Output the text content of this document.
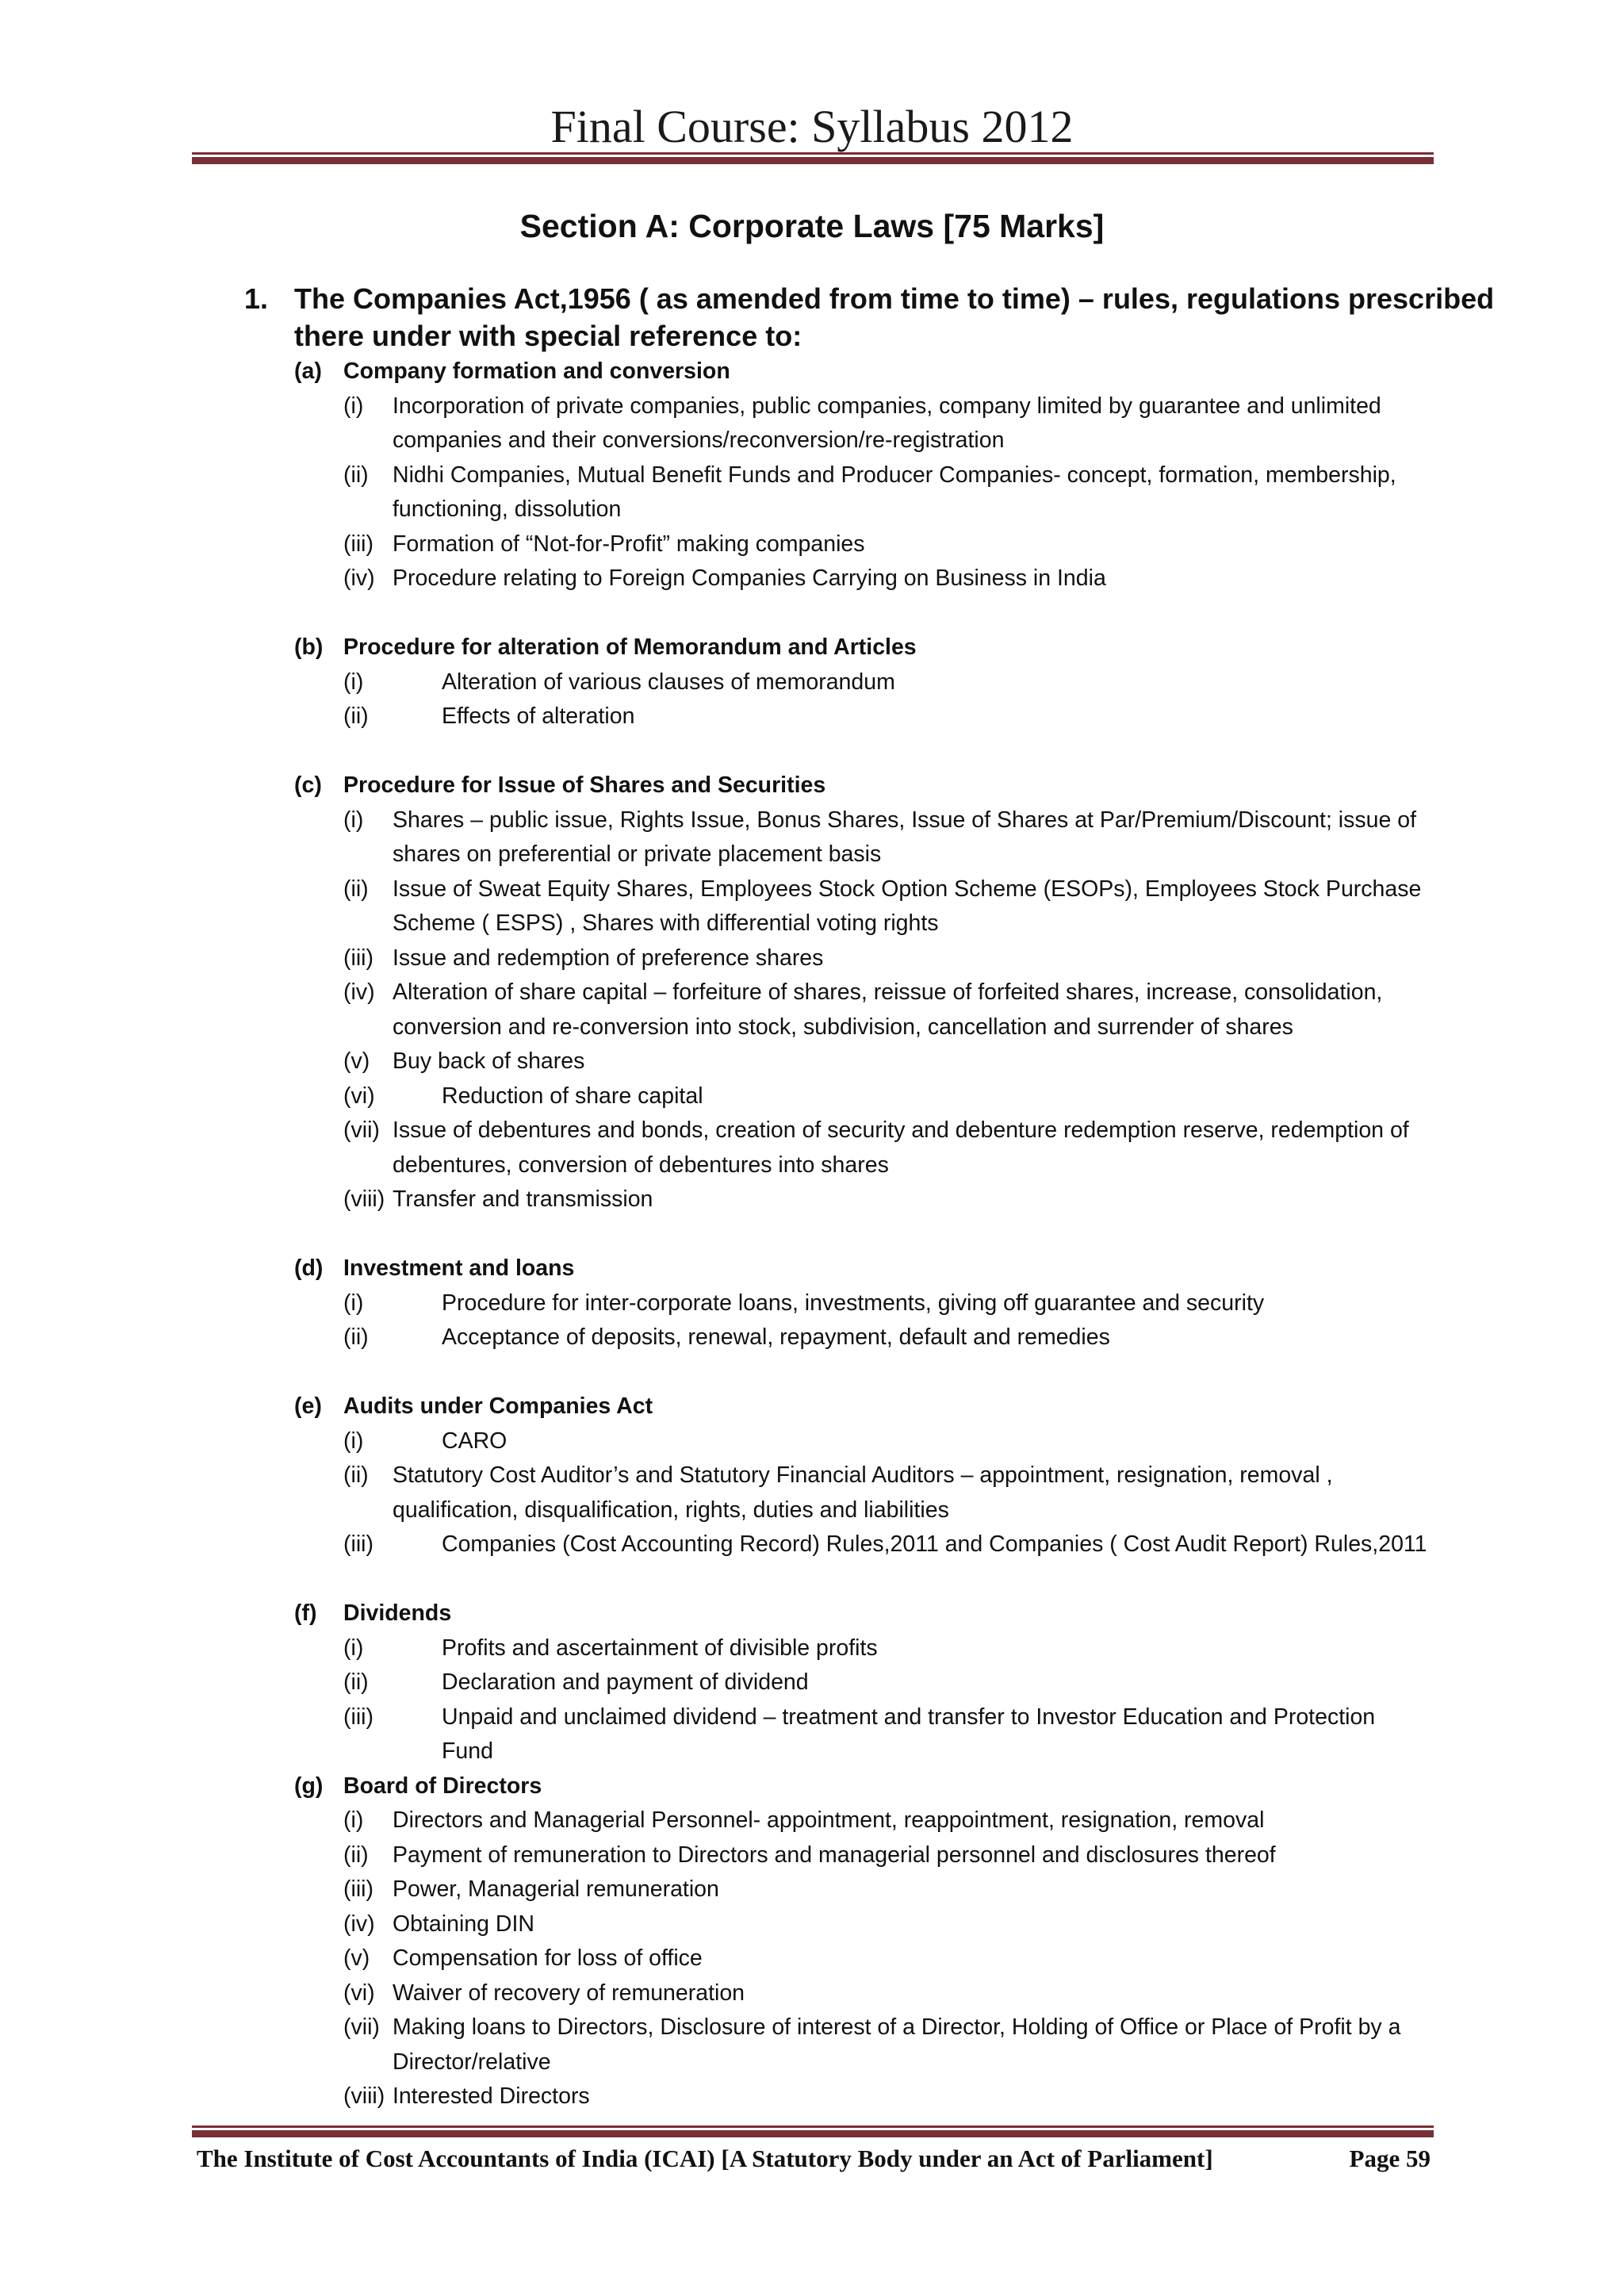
Final Course: Syllabus 2012
Section A: Corporate Laws [75 Marks]
1. The Companies Act,1956 ( as amended from time to time) – rules, regulations prescribed
there under with special reference to:
(a) Company formation and conversion
(i) Incorporation of private companies, public companies, company limited by guarantee and unlimited
companies and their conversions/reconversion/re-registration
(ii) Nidhi Companies, Mutual Benefit Funds and Producer Companies- concept, formation, membership,
functioning, dissolution
(iii) Formation of “Not-for-Profit” making companies
(iv) Procedure relating to Foreign Companies Carrying on Business in India
(b) Procedure for alteration of Memorandum and Articles
(i)	Alteration of various clauses of memorandum
(ii)	Effects of alteration
(c) Procedure for Issue of Shares and Securities
(i) Shares – public issue, Rights Issue, Bonus Shares, Issue of Shares at Par/Premium/Discount; issue of
shares on preferential or private placement basis
(ii) Issue of Sweat Equity Shares, Employees Stock Option Scheme (ESOPs), Employees Stock Purchase
Scheme ( ESPS) , Shares with differential voting rights
(iii) Issue and redemption of preference shares
(iv) Alteration of share capital – forfeiture of shares, reissue of forfeited shares, increase, consolidation,
conversion and re-conversion into stock, subdivision, cancellation and surrender of shares
(v) Buy back of shares
(vi)	Reduction of share capital
(vii) Issue of debentures and bonds, creation of security and debenture redemption reserve, redemption of
debentures, conversion of debentures into shares
(viii) Transfer and transmission
(d) Investment and loans
(i)	Procedure for inter-corporate loans, investments, giving off guarantee and security
(ii)	Acceptance of deposits, renewal, repayment, default and remedies
(e) Audits under Companies Act
(i)	CARO
(ii) Statutory Cost Auditor’s and Statutory Financial Auditors – appointment, resignation, removal ,
qualification, disqualification, rights, duties and liabilities
(iii)	Companies (Cost Accounting Record) Rules,2011 and Companies ( Cost Audit Report) Rules,2011
(f) Dividends
(i)	Profits and ascertainment of divisible profits
(ii)	Declaration and payment of dividend
(iii)	Unpaid and unclaimed dividend – treatment and transfer to Investor Education and Protection
Fund
(g) Board of Directors
(i) Directors and Managerial Personnel- appointment, reappointment, resignation, removal
(ii) Payment of remuneration to Directors and managerial personnel and disclosures thereof
(iii) Power, Managerial remuneration
(iv) Obtaining DIN
(v) Compensation for loss of office
(vi) Waiver of recovery of remuneration
(vii) Making loans to Directors, Disclosure of interest of a Director, Holding of Office or Place of Profit by a
Director/relative
(viii) Interested Directors
The Institute of Cost Accountants of India (ICAI) [A Statutory Body under an Act of Parliament]	Page 59
